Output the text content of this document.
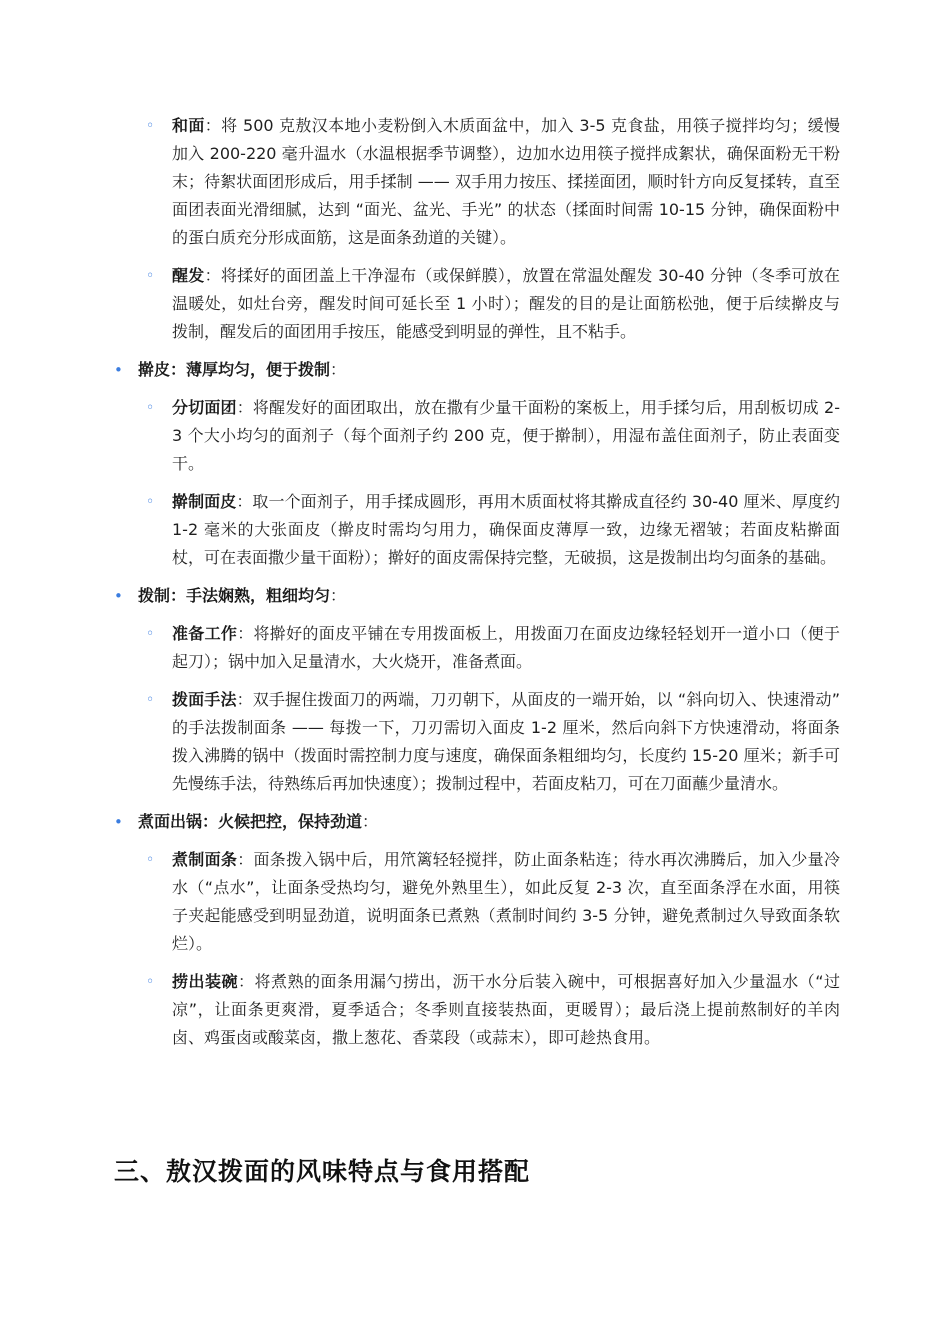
◦ 和面：将 500 克敖汉本地小麦粉倒入木质面盆中，加入 3-5 克食盐，用筷子搅拌均匀；缓慢加入 200-220 毫升温水（水温根据季节调整），边加水边用筷子搅拌成絮状，确保面粉无干粉末；待絮状面团形成后，用手揉制 —— 双手用力按压、揉搓面团，顺时针方向反复揉转，直至面团表面光滑细腻，达到 “面光、盆光、手光” 的状态（揉面时间需 10-15 分钟，确保面粉中的蛋白质充分形成面筋，这是面条劲道的关键）。
◦ 醒发：将揉好的面团盖上干净湿布（或保鲜膜），放置在常温处醒发 30-40 分钟（冬季可放在温暖处，如灶台旁，醒发时间可延长至 1 小时）；醒发的目的是让面筋松弛，便于后续擀皮与拨制，醒发后的面团用手按压，能感受到明显的弹性，且不粘手。
• 擀皮：薄厚均匀，便于拨制：
◦ 分切面团：将醒发好的面团取出，放在撒有少量干面粉的案板上，用手揉匀后，用刮板切成 2-3 个大小均匀的面剂子（每个面剂子约 200 克，便于擀制），用湿布盖住面剂子，防止表面变干。
◦ 擀制面皮：取一个面剂子，用手揉成圆形，再用木质面杖将其擀成直径约 30-40 厘米、厚度约 1-2 毫米的大张面皮（擀皮时需均匀用力，确保面皮薄厚一致，边缘无褶皱；若面皮粘擀面杖，可在表面撒少量干面粉）；擀好的面皮需保持完整，无破损，这是拨制出均匀面条的基础。
• 拨制：手法娴熟，粗细均匀：
◦ 准备工作：将擀好的面皮平铺在专用拨面板上，用拨面刀在面皮边缘轻轻划开一道小口（便于起刀）；锅中加入足量清水，大火烧开，准备煮面。
◦ 拨面手法：双手握住拨面刀的两端，刀刃朝下，从面皮的一端开始，以 “斜向切入、快速滑动” 的手法拨制面条 —— 每拨一下，刀刃需切入面皮 1-2 厘米，然后向斜下方快速滑动，将面条拨入沸腾的锅中（拨面时需控制力度与速度，确保面条粗细均匀，长度约 15-20 厘米；新手可先慢练手法，待熟练后再加快速度）；拨制过程中，若面皮粘刀，可在刀面蘸少量清水。
• 煮面出锅：火候把控，保持劲道：
◦ 煮制面条：面条拨入锅中后，用笊篱轻轻搅拌，防止面条粘连；待水再次沸腾后，加入少量冷水（“点水”，让面条受热均匀，避免外熟里生），如此反复 2-3 次，直至面条浮在水面，用筷子夹起能感受到明显劲道，说明面条已煮熟（煮制时间约 3-5 分钟，避免煮制过久导致面条软烂）。
◦ 捞出装碗：将煮熟的面条用漏勺捞出，沥干水分后装入碗中，可根据喜好加入少量温水（“过凉”，让面条更爽滑，夏季适合；冬季则直接装热面，更暖胃）；最后浇上提前熬制好的羊肉卤、鸡蛋卤或酸菜卤，撒上葱花、香菜段（或蒜末），即可趁热食用。
三、敖汉拨面的风味特点与食用搭配
